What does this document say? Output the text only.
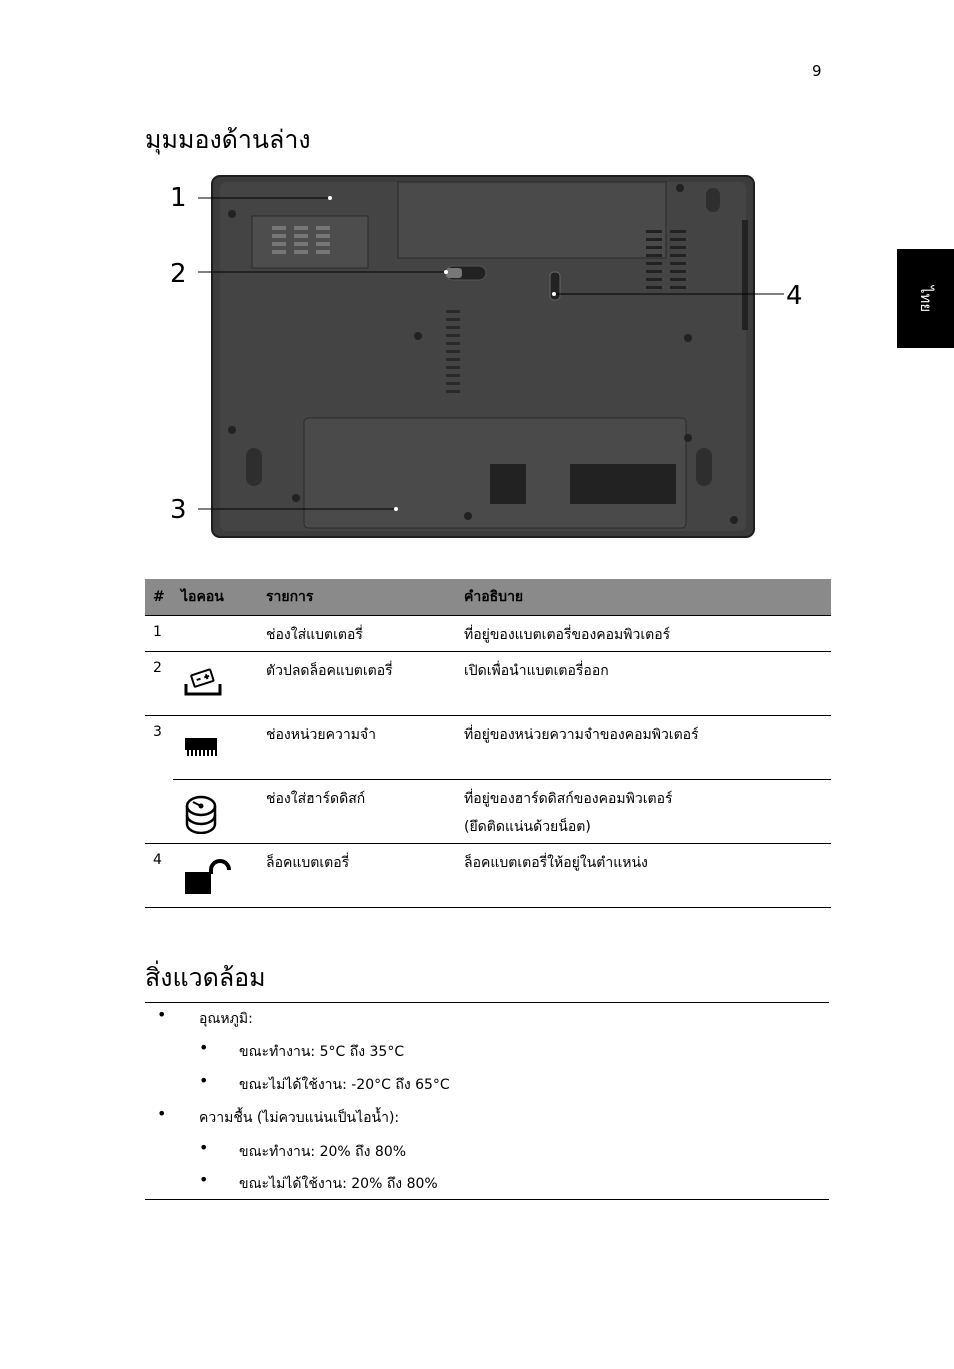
9
ไทย
มุมมองด้านล่าง
1
2
3
4
#	ไอคอน	รายการ	คำอธิบาย
1		ช่องใส่แบตเตอรี่	ที่อยู่ของแบตเตอรี่ของคอมพิวเตอร์
2		ตัวปลดล็อคแบตเตอรี่	เปิดเพื่อนำแบตเตอรี่ออก
3		ช่องหน่วยความจำ	ที่อยู่ของหน่วยความจำของคอมพิวเตอร์
		ช่องใส่ฮาร์ดดิสก์	ที่อยู่ของฮาร์ดดิสก์ของคอมพิวเตอร์
(ยึดติดแน่นด้วยน็อต)

4		ล็อคแบตเตอรี่	ล็อคแบตเตอรี่ให้อยู่ในตำแหน่ง
สิ่งแวดล้อม
• อุณหภูมิ:
• ขณะทำงาน: 5°C ถึง 35°C
• ขณะไม่ได้ใช้งาน: -20°C ถึง 65°C
• ความชื้น (ไม่ควบแน่นเป็นไอน้ำ):
• ขณะทำงาน: 20% ถึง 80%
• ขณะไม่ได้ใช้งาน: 20% ถึง 80%
